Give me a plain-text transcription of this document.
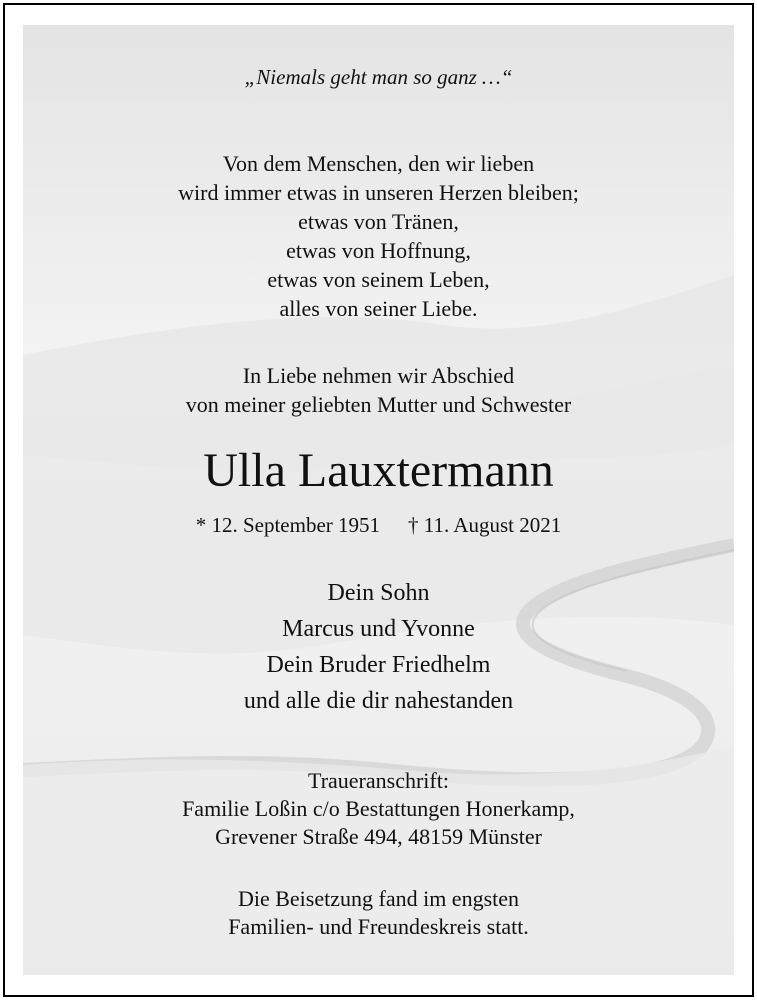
„Niemals geht man so ganz …“
Von dem Menschen, den wir lieben
wird immer etwas in unseren Herzen bleiben;
etwas von Tränen,
etwas von Hoffnung,
etwas von seinem Leben,
alles von seiner Liebe.
In Liebe nehmen wir Abschied
von meiner geliebten Mutter und Schwester
Ulla Lauxtermann
* 12. September 1951 † 11. August 2021
Dein Sohn
Marcus und Yvonne
Dein Bruder Friedhelm
und alle die dir nahestanden
Traueranschrift:
Familie Loßin c/o Bestattungen Honerkamp,
Grevener Straße 494, 48159 Münster
Die Beisetzung fand im engsten
Familien- und Freundeskreis statt.
